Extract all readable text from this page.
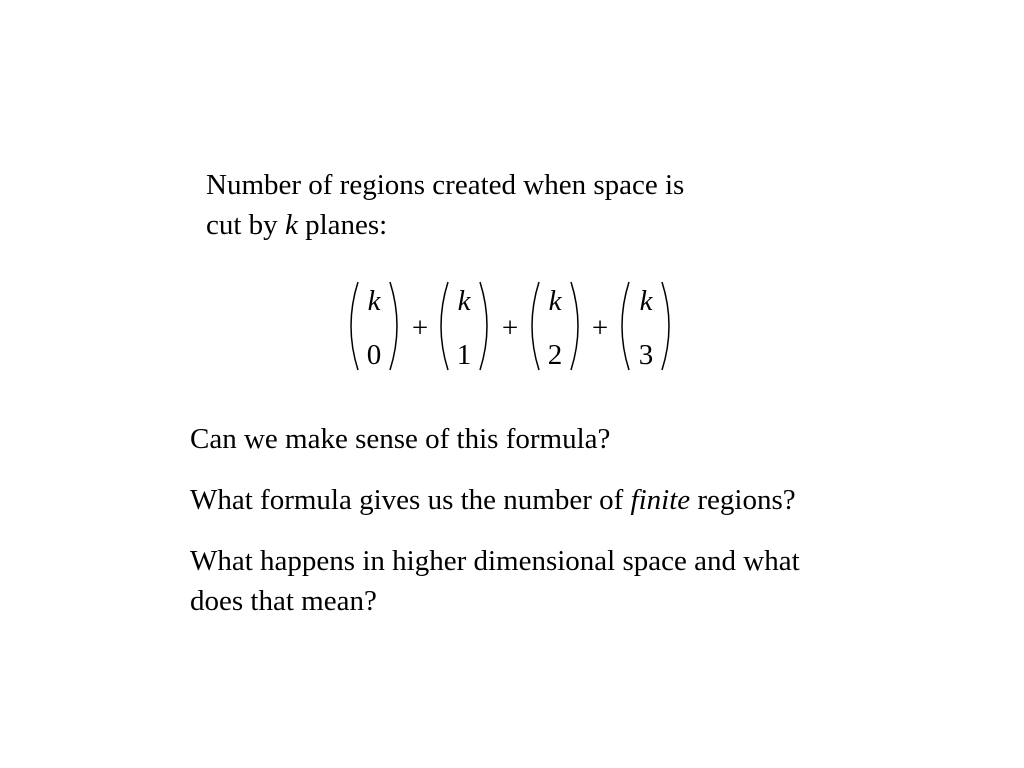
Number of regions created when space is
cut by k planes:
k
0
+
k
1
+
k
2
+
k
3

Can we make sense of this formula?

What formula gives us the number of finite regions?

What happens in higher dimensional space and what
does that mean?
